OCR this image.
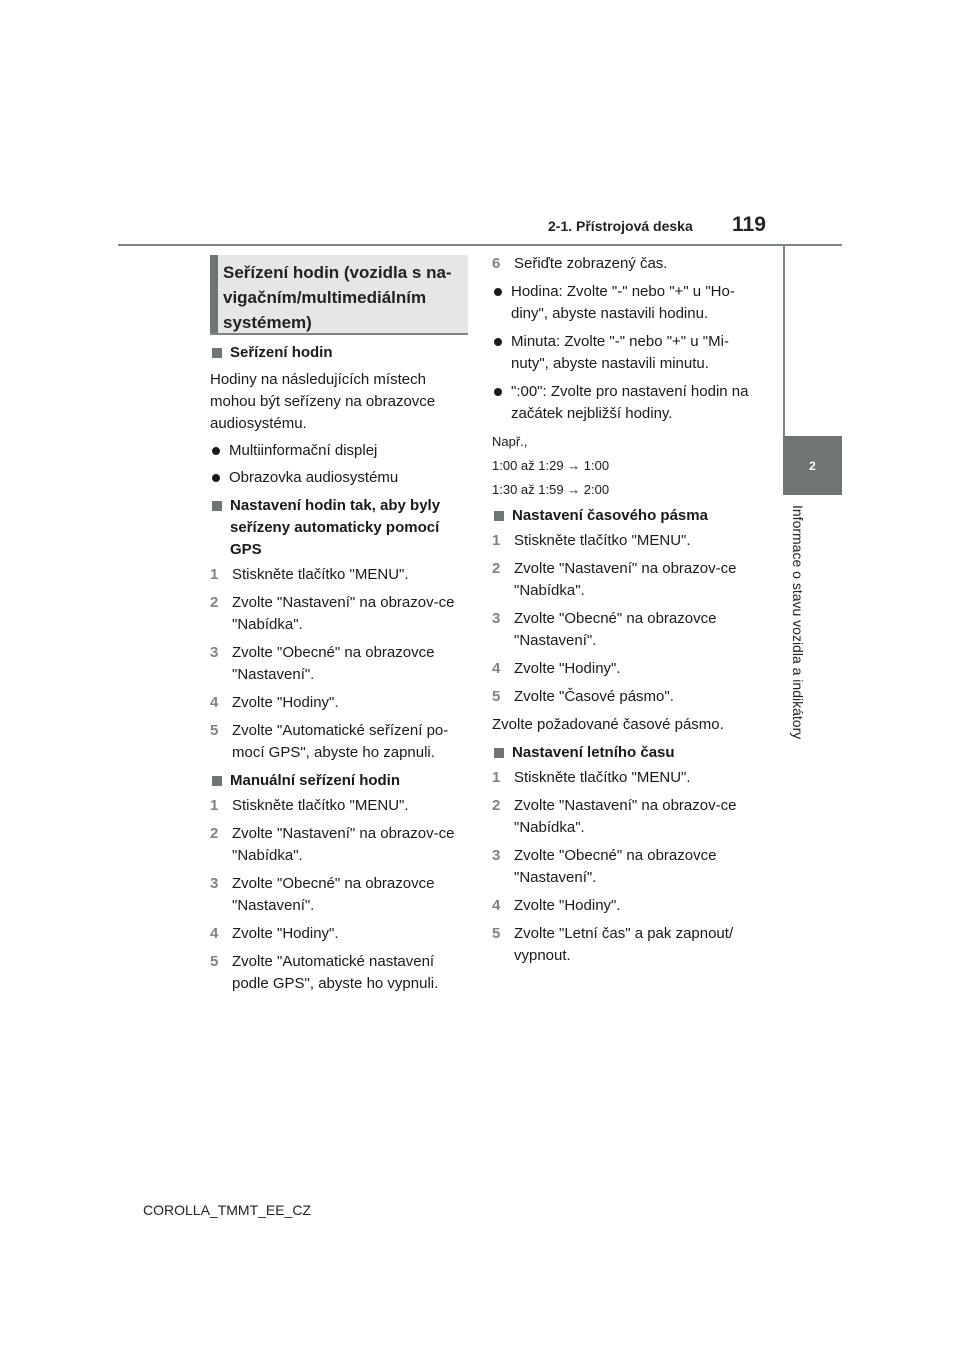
2-1. Přístrojová deska 119
2
Informace o stavu vozidla a indikátory
Seřízení hodin (vozidla s na-vigačním/multimediálním systémem)
Seřízení hodin
Hodiny na následujících místech mohou být seřízeny na obrazovce audiosystému.
Multiinformační displej
Obrazovka audiosystému
Nastavení hodin tak, aby byly seřízeny automaticky pomocí GPS
1 Stiskněte tlačítko "MENU".
2 Zvolte "Nastavení" na obrazov-ce "Nabídka".
3 Zvolte "Obecné" na obrazovce "Nastavení".
4 Zvolte "Hodiny".
5 Zvolte "Automatické seřízení po-mocí GPS", abyste ho zapnuli.
Manuální seřízení hodin
1 Stiskněte tlačítko "MENU".
2 Zvolte "Nastavení" na obrazov-ce "Nabídka".
3 Zvolte "Obecné" na obrazovce "Nastavení".
4 Zvolte "Hodiny".
5 Zvolte "Automatické nastavení podle GPS", abyste ho vypnuli.
6 Seřiďte zobrazený čas.
Hodina: Zvolte "-" nebo "+" u "Ho-diny", abyste nastavili hodinu.
Minuta: Zvolte "-" nebo "+" u "Mi-nuty", abyste nastavili minutu.
":00": Zvolte pro nastavení hodin na začátek nejbližší hodiny.
Např.,
1:00 až 1:29 → 1:00
1:30 až 1:59 → 2:00
Nastavení časového pásma
1 Stiskněte tlačítko "MENU".
2 Zvolte "Nastavení" na obrazov-ce "Nabídka".
3 Zvolte "Obecné" na obrazovce "Nastavení".
4 Zvolte "Hodiny".
5 Zvolte "Časové pásmo".
Zvolte požadované časové pásmo.
Nastavení letního času
1 Stiskněte tlačítko "MENU".
2 Zvolte "Nastavení" na obrazov-ce "Nabídka".
3 Zvolte "Obecné" na obrazovce "Nastavení".
4 Zvolte "Hodiny".
5 Zvolte "Letní čas" a pak zapnout/ vypnout.
COROLLA_TMMT_EE_CZ
